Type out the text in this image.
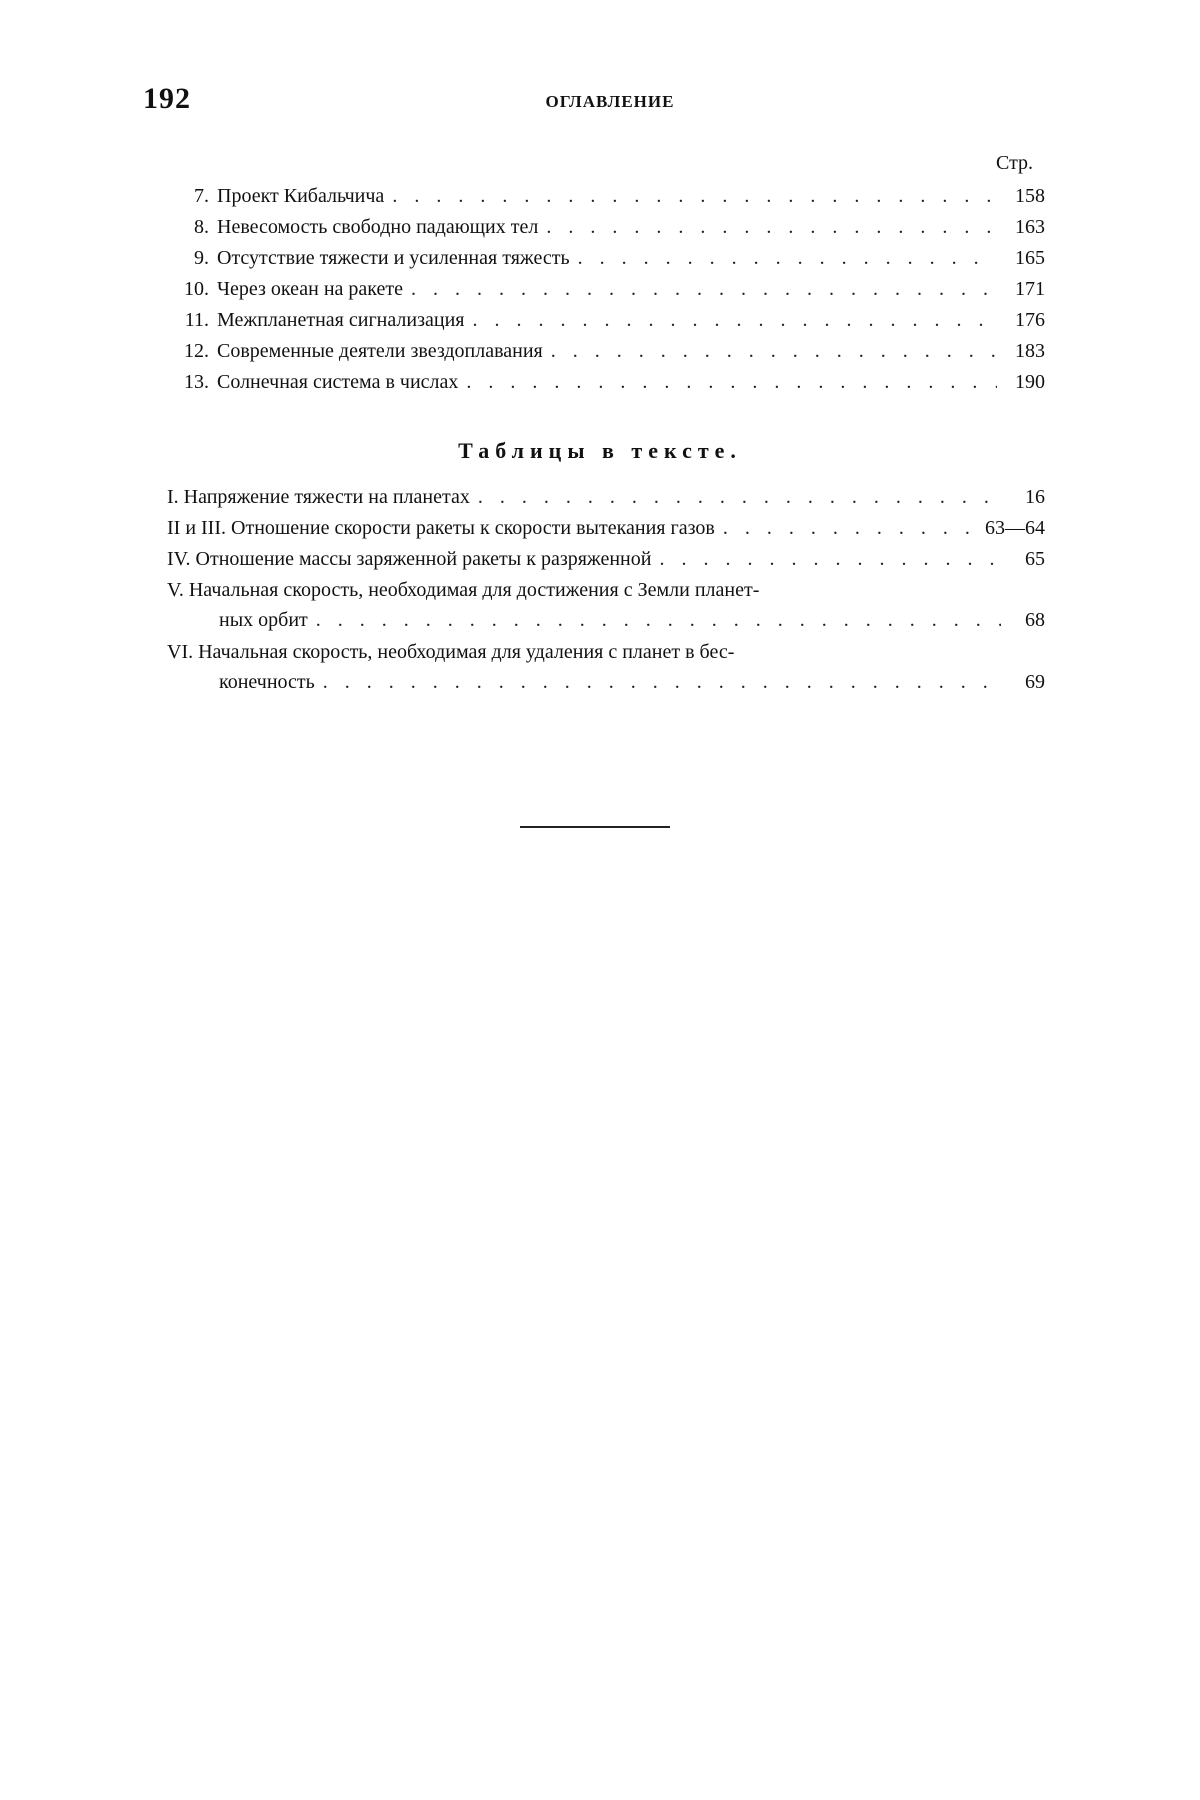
192	ОГЛАВЛЕНИЕ
Стр.
7. Проект Кибальчича . . .	158
8. Невесомость свободно падающих тел . . .	163
9. Отсутствие тяжести и усиленная тяжесть . . .	165
10. Через океан на ракете . . .	171
11. Межпланетная сигнализация . . .	176
12. Современные деятели звездоплавания . . .	183
13. Солнечная система в числах . . .	190
Таблицы в тексте.
I. Напряжение тяжести на планетах . . .	16
II и III. Отношение скорости ракеты к скорости вытекания газов . . .	63—64
IV. Отношение массы заряженной ракеты к разряженной . . .	65
V. Начальная скорость, необходимая для достижения с Земли планет-
ных орбит . . .	68
VI. Начальная скорость, необходимая для удаления с планет в бес-
конечность . . .	69
